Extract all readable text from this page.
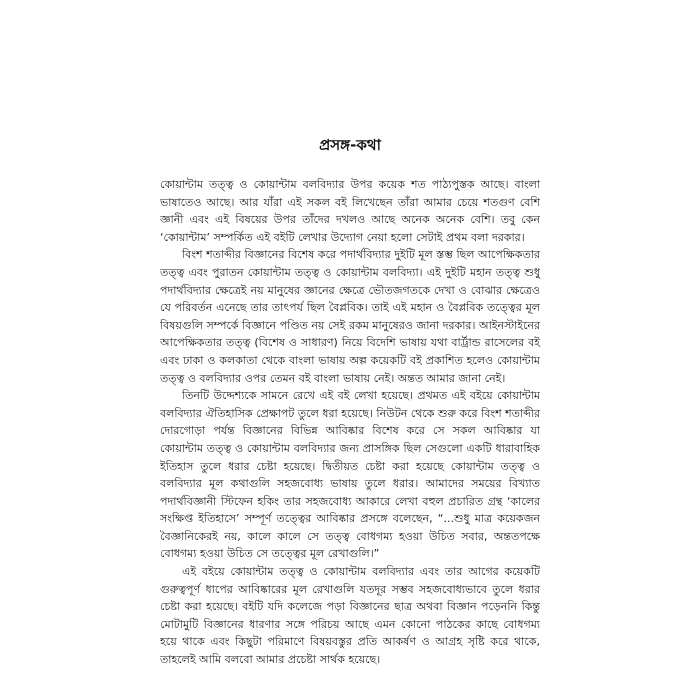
প্রসঙ্গ-কথা

কোয়ান্টাম তত্ত্ব ও কোয়ান্টাম বলবিদ্যার উপর কয়েক শত পাঠ্যপুস্তক আছে। বাংলা ভাষাতেও আছে। আর যাঁরা এই সকল বই লিখেছেন তাঁরা আমার চেয়ে শতগুণ বেশি জ্ঞানী এবং এই বিষয়ের উপর তাঁদের দখলও আছে অনেক অনেক বেশি। তবু কেন ‘কোয়ান্টাম’ সম্পর্কিত এই বইটি লেখার উদ্যোগ নেয়া হলো সেটাই প্রথম বলা দরকার।

বিংশ শতাব্দীর বিজ্ঞানের বিশেষ করে পদার্থবিদ্যার দুইটি মূল স্তম্ভ ছিল আপেক্ষিকতার তত্ত্ব এবং পুরাতন কোয়ান্টাম তত্ত্ব ও কোয়ান্টাম বলবিদ্যা। এই দুইটি মহান তত্ত্ব শুধু পদার্থবিদ্যার ক্ষেত্রেই নয় মানুষের জ্ঞানের ক্ষেত্রে ভৌতজগতকে দেখা ও বোঝার ক্ষেত্রেও যে পরিবর্তন এনেছে তার তাৎপর্য ছিল বৈপ্লবিক। তাই এই মহান ও বৈপ্লবিক তত্ত্বের মূল বিষয়গুলি সম্পর্কে বিজ্ঞানে পণ্ডিত নয় সেই রকম মানুষেরও জানা দরকার। আইনস্টাইনের আপেক্ষিকতার তত্ত্ব (বিশেষ ও সাধারণ) নিয়ে বিদেশি ভাষায় যথা বার্ট্রান্ড রাসেলের বই এবং ঢাকা ও কলকাতা থেকে বাংলা ভাষায় অল্প কয়েকটি বই প্রকাশিত হলেও কোয়ান্টাম তত্ত্ব ও বলবিদ্যার ওপর তেমন বই বাংলা ভাষায় নেই। অন্তত আমার জানা নেই।

তিনটি উদ্দেশ্যকে সামনে রেখে এই বই লেখা হয়েছে। প্রথমত এই বইয়ে কোয়ান্টাম বলবিদ্যার ঐতিহাসিক প্রেক্ষাপট তুলে ধরা হয়েছে। নিউটন থেকে শুরু করে বিংশ শতাব্দীর দোরগোড়া পর্যন্ত বিজ্ঞানের বিভিন্ন আবিষ্কার বিশেষ করে সে সকল আবিষ্কার যা কোয়ান্টাম তত্ত্ব ও কোয়ান্টাম বলবিদ্যার জন্য প্রাসঙ্গিক ছিল সেগুলো একটি ধারাবাহিক ইতিহাস তুলে ধরার চেষ্টা হয়েছে। দ্বিতীয়ত চেষ্টা করা হয়েছে কোয়ান্টাম তত্ত্ব ও বলবিদ্যার মূল কথাগুলি সহজবোধ্য ভাষায় তুলে ধরার। আমাদের সময়ের বিখ্যাত পদার্থবিজ্ঞানী স্টিফেন হকিং তার সহজবোধ্য আকারে লেখা বহুল প্রচারিত গ্রন্থ ‘কালের সংক্ষিপ্ত ইতিহাসে’ সম্পূর্ণ তত্ত্বের আবিষ্কার প্রসঙ্গে বলেছেন, “...শুধু মাত্র কয়েকজন বৈজ্ঞানিকেরই নয়, কালে কালে সে তত্ত্ব বোধগম্য হওয়া উচিত সবার, অন্ততপক্ষে বোধগম্য হওয়া উচিত সে তত্ত্বের মূল রেখাগুলি।”

এই বইয়ে কোয়ান্টাম তত্ত্ব ও কোয়ান্টাম বলবিদ্যার এবং তার আগের কয়েকটি গুরুত্বপূর্ণ ধাপের আবিষ্কারের মূল রেখাগুলি যতদূর সম্ভব সহজবোধ্যভাবে তুলে ধরার চেষ্টা করা হয়েছে। বইটি যদি কলেজে পড়া বিজ্ঞানের ছাত্র অথবা বিজ্ঞান পড়েননি কিন্তু মোটামুটি বিজ্ঞানের ধারণার সঙ্গে পরিচয় আছে এমন কোনো পাঠকের কাছে বোধগম্য হয়ে থাকে এবং কিছুটা পরিমাণে বিষয়বস্তুর প্রতি আকর্ষণ ও আগ্রহ সৃষ্টি করে থাকে, তাহলেই আমি বলবো আমার প্রচেষ্টা সার্থক হয়েছে।
